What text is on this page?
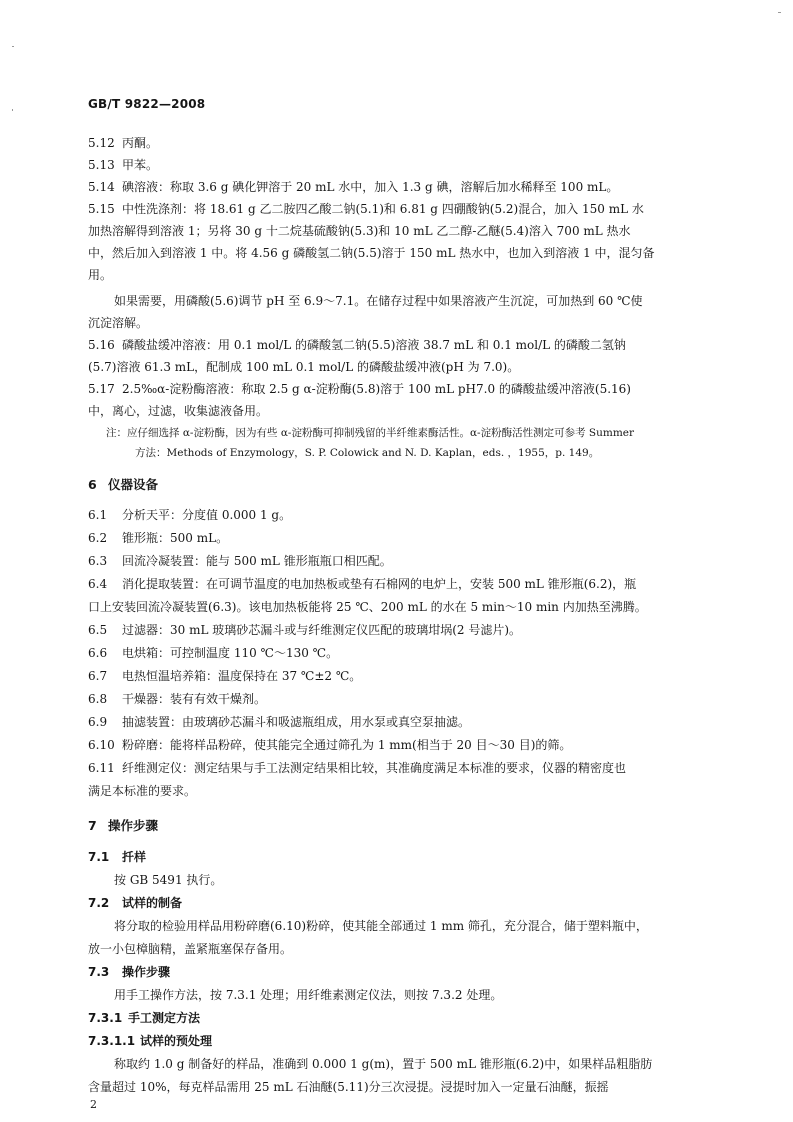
GB/T 9822—2008
5.12 丙酮。
5.13 甲苯。
5.14 碘溶液：称取 3.6 g 碘化钾溶于 20 mL 水中，加入 1.3 g 碘，溶解后加水稀释至 100 mL。
5.15 中性洗涤剂：将 18.61 g 乙二胺四乙酸二钠(5.1)和 6.81 g 四硼酸钠(5.2)混合，加入 150 mL 水
加热溶解得到溶液 1；另将 30 g 十二烷基硫酸钠(5.3)和 10 mL 乙二醇-乙醚(5.4)溶入 700 mL 热水
中，然后加入到溶液 1 中。将 4.56 g 磷酸氢二钠(5.5)溶于 150 mL 热水中，也加入到溶液 1 中，混匀备
用。
如果需要，用磷酸(5.6)调节 pH 至 6.9～7.1。在储存过程中如果溶液产生沉淀，可加热到 60 ℃使
沉淀溶解。
5.16 磷酸盐缓冲溶液：用 0.1 mol/L 的磷酸氢二钠(5.5)溶液 38.7 mL 和 0.1 mol/L 的磷酸二氢钠
(5.7)溶液 61.3 mL，配制成 100 mL 0.1 mol/L 的磷酸盐缓冲液(pH 为 7.0)。
5.17 2.5‰α-淀粉酶溶液：称取 2.5 g α-淀粉酶(5.8)溶于 100 mL pH7.0 的磷酸盐缓冲溶液(5.16)
中，离心，过滤，收集滤液备用。
注：应仔细选择 α-淀粉酶，因为有些 α-淀粉酶可抑制残留的半纤维素酶活性。α-淀粉酶活性测定可参考 Summer
方法：Methods of Enzymology，S. P. Colowick and N. D. Kaplan，eds. ，1955，p. 149。
6 仪器设备
6.1 分析天平：分度值 0.000 1 g。
6.2 锥形瓶：500 mL。
6.3 回流冷凝装置：能与 500 mL 锥形瓶瓶口相匹配。
6.4 消化提取装置：在可调节温度的电加热板或垫有石棉网的电炉上，安装 500 mL 锥形瓶(6.2)，瓶
口上安装回流冷凝装置(6.3)。该电加热板能将 25 ℃、200 mL 的水在 5 min～10 min 内加热至沸腾。
6.5 过滤器：30 mL 玻璃砂芯漏斗或与纤维测定仪匹配的玻璃坩埚(2 号滤片)。
6.6 电烘箱：可控制温度 110 ℃～130 ℃。
6.7 电热恒温培养箱：温度保持在 37 ℃±2 ℃。
6.8 干燥器：装有有效干燥剂。
6.9 抽滤装置：由玻璃砂芯漏斗和吸滤瓶组成，用水泵或真空泵抽滤。
6.10 粉碎磨：能将样品粉碎，使其能完全通过筛孔为 1 mm(相当于 20 目～30 目)的筛。
6.11 纤维测定仪：测定结果与手工法测定结果相比较，其准确度满足本标准的要求，仪器的精密度也
满足本标准的要求。
7 操作步骤
7.1 扦样
按 GB 5491 执行。
7.2 试样的制备
将分取的检验用样品用粉碎磨(6.10)粉碎，使其能全部通过 1 mm 筛孔，充分混合，储于塑料瓶中，
放一小包樟脑精，盖紧瓶塞保存备用。
7.3 操作步骤
用手工操作方法，按 7.3.1 处理；用纤维素测定仪法，则按 7.3.2 处理。
7.3.1 手工测定方法
7.3.1.1 试样的预处理
称取约 1.0 g 制备好的样品，准确到 0.000 1 g(m)，置于 500 mL 锥形瓶(6.2)中，如果样品粗脂肪
含量超过 10%，每克样品需用 25 mL 石油醚(5.11)分三次浸提。浸提时加入一定量石油醚，振摇
2
